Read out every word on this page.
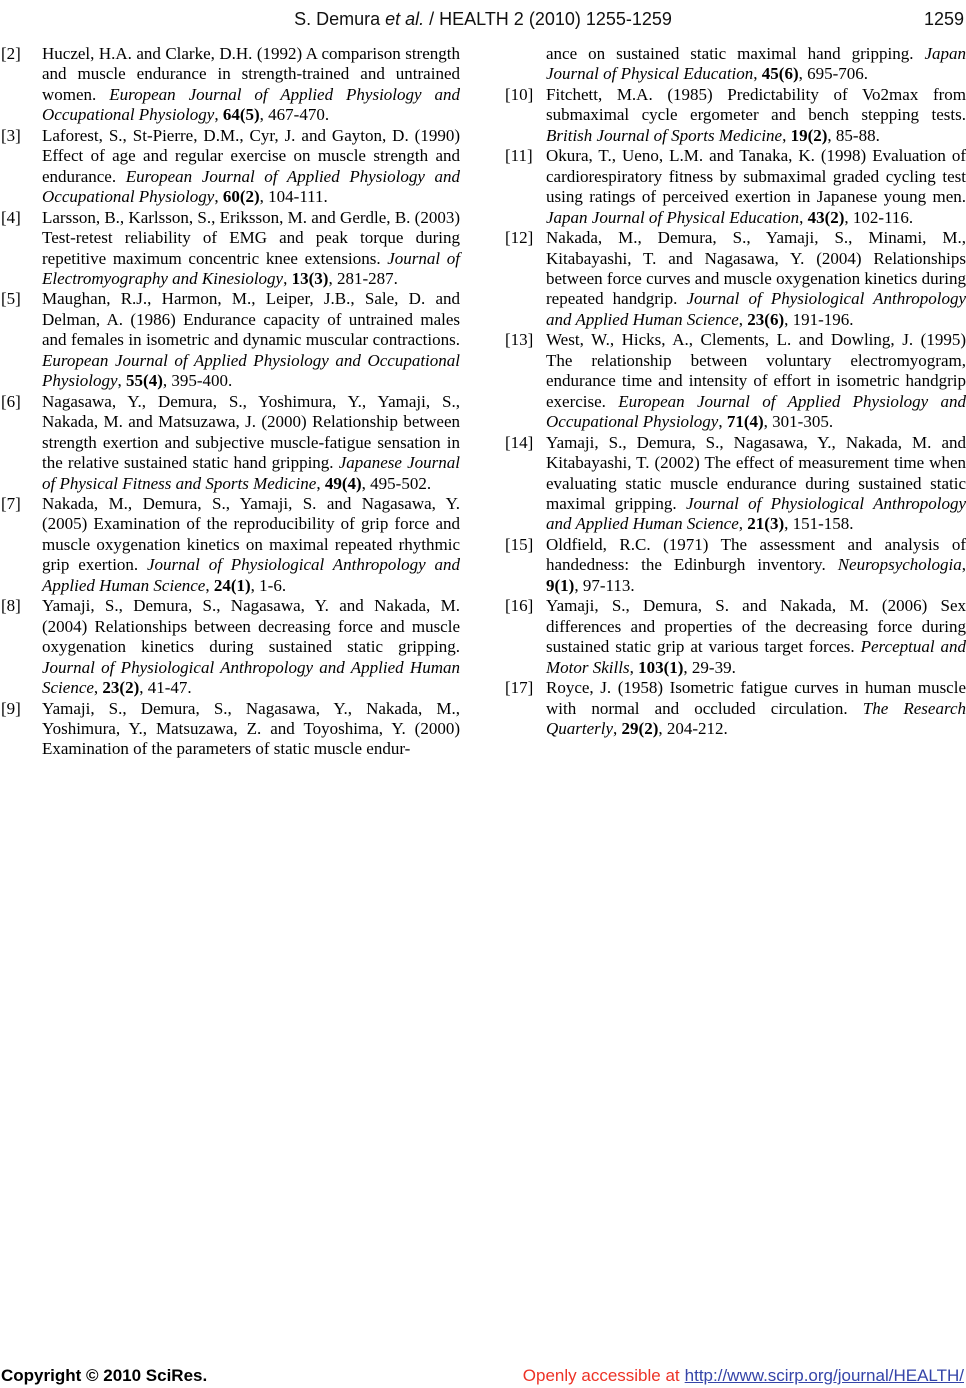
S. Demura et al. / HEALTH 2 (2010) 1255-1259	1259
[2] Huczel, H.A. and Clarke, D.H. (1992) A comparison strength and muscle endurance in strength-trained and untrained women. European Journal of Applied Physiology and Occupational Physiology, 64(5), 467-470.
[3] Laforest, S., St-Pierre, D.M., Cyr, J. and Gayton, D. (1990) Effect of age and regular exercise on muscle strength and endurance. European Journal of Applied Physiology and Occupational Physiology, 60(2), 104-111.
[4] Larsson, B., Karlsson, S., Eriksson, M. and Gerdle, B. (2003) Test-retest reliability of EMG and peak torque during repetitive maximum concentric knee extensions. Journal of Electromyography and Kinesiology, 13(3), 281-287.
[5] Maughan, R.J., Harmon, M., Leiper, J.B., Sale, D. and Delman, A. (1986) Endurance capacity of untrained males and females in isometric and dynamic muscular contractions. European Journal of Applied Physiology and Occupational Physiology, 55(4), 395-400.
[6] Nagasawa, Y., Demura, S., Yoshimura, Y., Yamaji, S., Nakada, M. and Matsuzawa, J. (2000) Relationship between strength exertion and subjective muscle-fatigue sensation in the relative sustained static hand gripping. Japanese Journal of Physical Fitness and Sports Medicine, 49(4), 495-502.
[7] Nakada, M., Demura, S., Yamaji, S. and Nagasawa, Y. (2005) Examination of the reproducibility of grip force and muscle oxygenation kinetics on maximal repeated rhythmic grip exertion. Journal of Physiological Anthropology and Applied Human Science, 24(1), 1-6.
[8] Yamaji, S., Demura, S., Nagasawa, Y. and Nakada, M. (2004) Relationships between decreasing force and muscle oxygenation kinetics during sustained static gripping. Journal of Physiological Anthropology and Applied Human Science, 23(2), 41-47.
[9] Yamaji, S., Demura, S., Nagasawa, Y., Nakada, M., Yoshimura, Y., Matsuzawa, Z. and Toyoshima, Y. (2000) Examination of the parameters of static muscle endur-
ance on sustained static maximal hand gripping. Japan Journal of Physical Education, 45(6), 695-706.
[10] Fitchett, M.A. (1985) Predictability of Vo2max from submaximal cycle ergometer and bench stepping tests. British Journal of Sports Medicine, 19(2), 85-88.
[11] Okura, T., Ueno, L.M. and Tanaka, K. (1998) Evaluation of cardiorespiratory fitness by submaximal graded cycling test using ratings of perceived exertion in Japanese young men. Japan Journal of Physical Education, 43(2), 102-116.
[12] Nakada, M., Demura, S., Yamaji, S., Minami, M., Kitabayashi, T. and Nagasawa, Y. (2004) Relationships between force curves and muscle oxygenation kinetics during repeated handgrip. Journal of Physiological Anthropology and Applied Human Science, 23(6), 191-196.
[13] West, W., Hicks, A., Clements, L. and Dowling, J. (1995) The relationship between voluntary electromyogram, endurance time and intensity of effort in isometric handgrip exercise. European Journal of Applied Physiology and Occupational Physiology, 71(4), 301-305.
[14] Yamaji, S., Demura, S., Nagasawa, Y., Nakada, M. and Kitabayashi, T. (2002) The effect of measurement time when evaluating static muscle endurance during sustained static maximal gripping. Journal of Physiological Anthropology and Applied Human Science, 21(3), 151-158.
[15] Oldfield, R.C. (1971) The assessment and analysis of handedness: the Edinburgh inventory. Neuropsychologia, 9(1), 97-113.
[16] Yamaji, S., Demura, S. and Nakada, M. (2006) Sex differences and properties of the decreasing force during sustained static grip at various target forces. Perceptual and Motor Skills, 103(1), 29-39.
[17] Royce, J. (1958) Isometric fatigue curves in human muscle with normal and occluded circulation. The Research Quarterly, 29(2), 204-212.
Copyright © 2010 SciRes.	Openly accessible at http://www.scirp.org/journal/HEALTH/
